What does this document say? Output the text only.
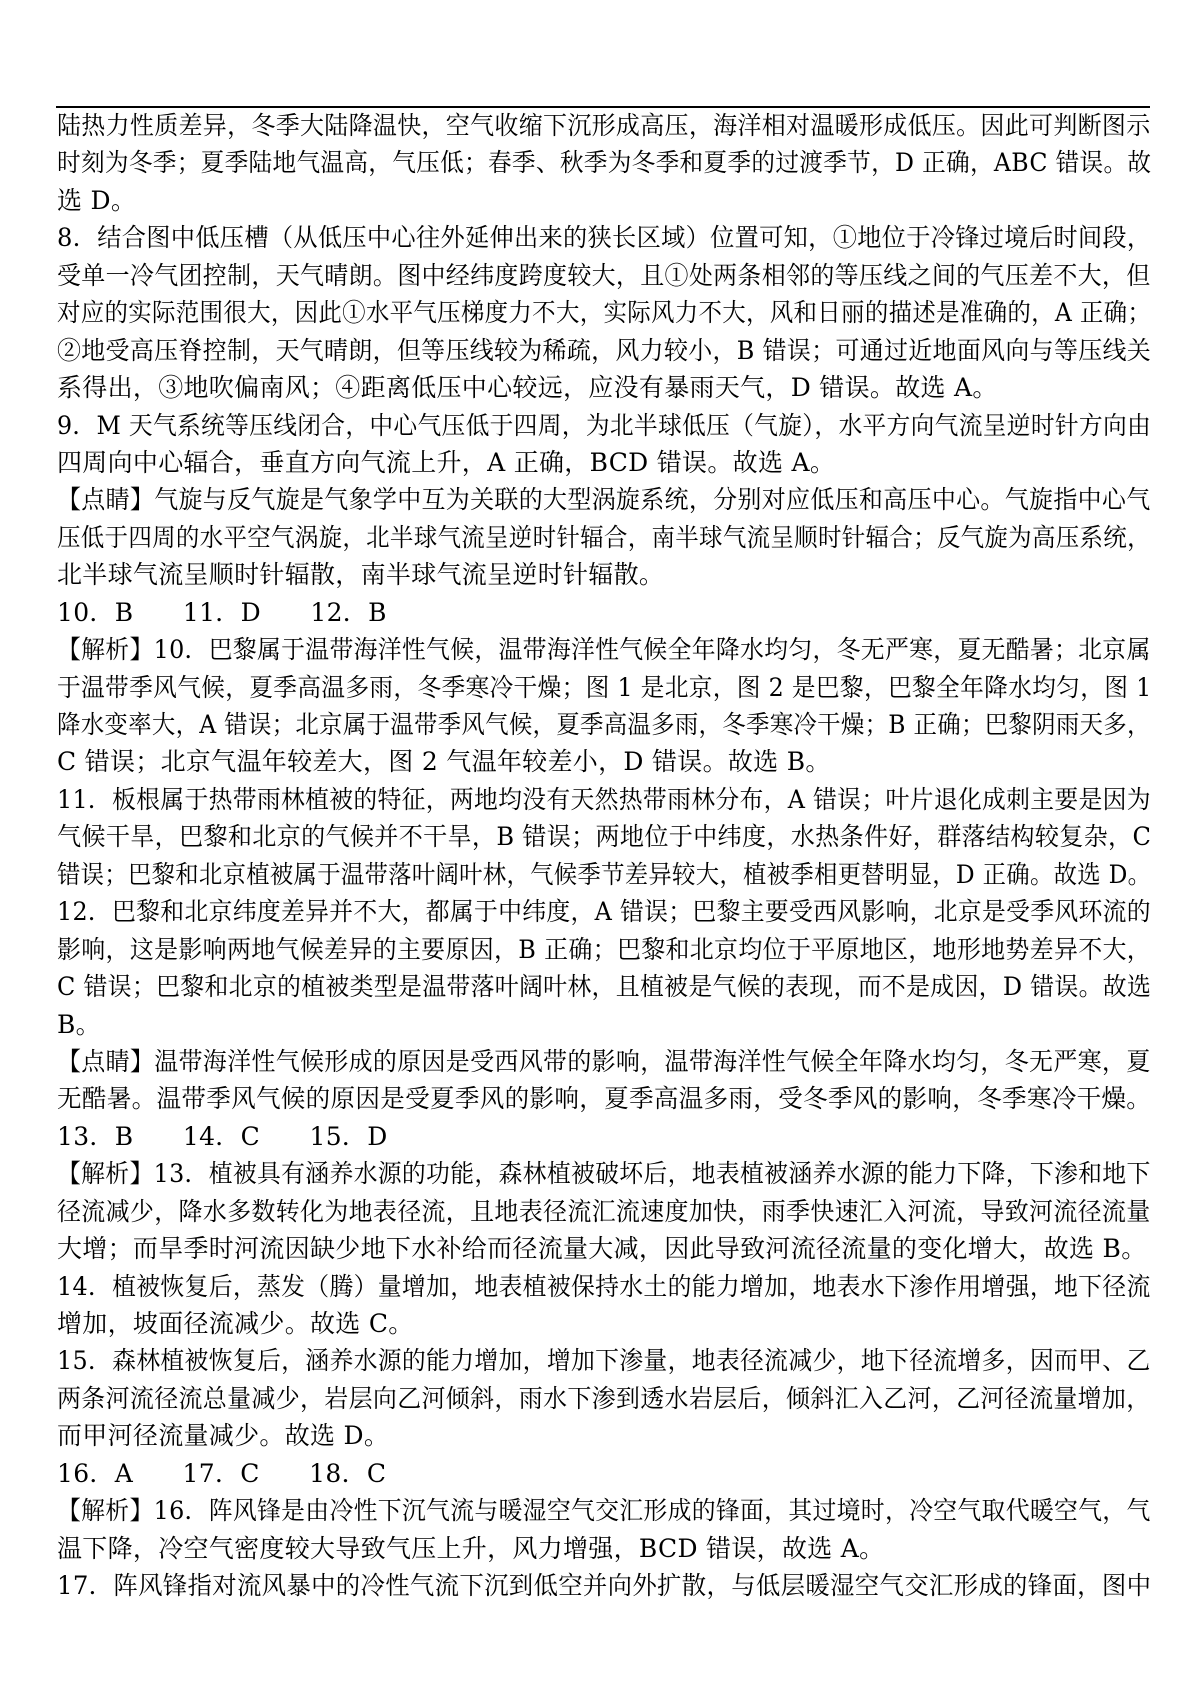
陆热力性质差异，冬季大陆降温快，空气收缩下沉形成高压，海洋相对温暖形成低压。因此可判断图示
时刻为冬季；夏季陆地气温高，气压低；春季、秋季为冬季和夏季的过渡季节，D 正确，ABC 错误。故
选 D。
8．结合图中低压槽（从低压中心往外延伸出来的狭长区域）位置可知，①地位于冷锋过境后时间段，
受单一冷气团控制，天气晴朗。图中经纬度跨度较大，且①处两条相邻的等压线之间的气压差不大，但
对应的实际范围很大，因此①水平气压梯度力不大，实际风力不大，风和日丽的描述是准确的，A 正确；
②地受高压脊控制，天气晴朗，但等压线较为稀疏，风力较小，B 错误；可通过近地面风向与等压线关
系得出，③地吹偏南风；④距离低压中心较远，应没有暴雨天气，D 错误。故选 A。
9．M 天气系统等压线闭合，中心气压低于四周，为北半球低压（气旋），水平方向气流呈逆时针方向由
四周向中心辐合，垂直方向气流上升，A 正确，BCD 错误。故选 A。
【点睛】气旋与反气旋是气象学中互为关联的大型涡旋系统，分别对应低压和高压中心。气旋指中心气
压低于四周的水平空气涡旋，北半球气流呈逆时针辐合，南半球气流呈顺时针辐合；反气旋为高压系统，
北半球气流呈顺时针辐散，南半球气流呈逆时针辐散。
10．B      11．D      12．B
【解析】10．巴黎属于温带海洋性气候，温带海洋性气候全年降水均匀，冬无严寒，夏无酷暑；北京属
于温带季风气候，夏季高温多雨，冬季寒冷干燥；图 1 是北京，图 2 是巴黎，巴黎全年降水均匀，图 1
降水变率大，A 错误；北京属于温带季风气候，夏季高温多雨，冬季寒冷干燥；B 正确；巴黎阴雨天多，
C 错误；北京气温年较差大，图 2 气温年较差小，D 错误。故选 B。
11．板根属于热带雨林植被的特征，两地均没有天然热带雨林分布，A 错误；叶片退化成刺主要是因为
气候干旱，巴黎和北京的气候并不干旱，B 错误；两地位于中纬度，水热条件好，群落结构较复杂，C
错误；巴黎和北京植被属于温带落叶阔叶林，气候季节差异较大，植被季相更替明显，D 正确。故选 D。
12．巴黎和北京纬度差异并不大，都属于中纬度，A 错误；巴黎主要受西风影响，北京是受季风环流的
影响，这是影响两地气候差异的主要原因，B 正确；巴黎和北京均位于平原地区，地形地势差异不大，
C 错误；巴黎和北京的植被类型是温带落叶阔叶林，且植被是气候的表现，而不是成因，D 错误。故选
B。
【点睛】温带海洋性气候形成的原因是受西风带的影响，温带海洋性气候全年降水均匀，冬无严寒，夏
无酷暑。温带季风气候的原因是受夏季风的影响，夏季高温多雨，受冬季风的影响，冬季寒冷干燥。
13．B      14．C      15．D
【解析】13．植被具有涵养水源的功能，森林植被破坏后，地表植被涵养水源的能力下降，下渗和地下
径流减少，降水多数转化为地表径流，且地表径流汇流速度加快，雨季快速汇入河流，导致河流径流量
大增；而旱季时河流因缺少地下水补给而径流量大减，因此导致河流径流量的变化增大，故选 B。
14．植被恢复后，蒸发（腾）量增加，地表植被保持水土的能力增加，地表水下渗作用增强，地下径流
增加，坡面径流减少。故选 C。
15．森林植被恢复后，涵养水源的能力增加，增加下渗量，地表径流减少，地下径流增多，因而甲、乙
两条河流径流总量减少，岩层向乙河倾斜，雨水下渗到透水岩层后，倾斜汇入乙河，乙河径流量增加，
而甲河径流量减少。故选 D。
16．A      17．C      18．C
【解析】16．阵风锋是由冷性下沉气流与暖湿空气交汇形成的锋面，其过境时，冷空气取代暖空气，气
温下降，冷空气密度较大导致气压上升，风力增强，BCD 错误，故选 A。
17．阵风锋指对流风暴中的冷性气流下沉到低空并向外扩散，与低层暖湿空气交汇形成的锋面，图中
